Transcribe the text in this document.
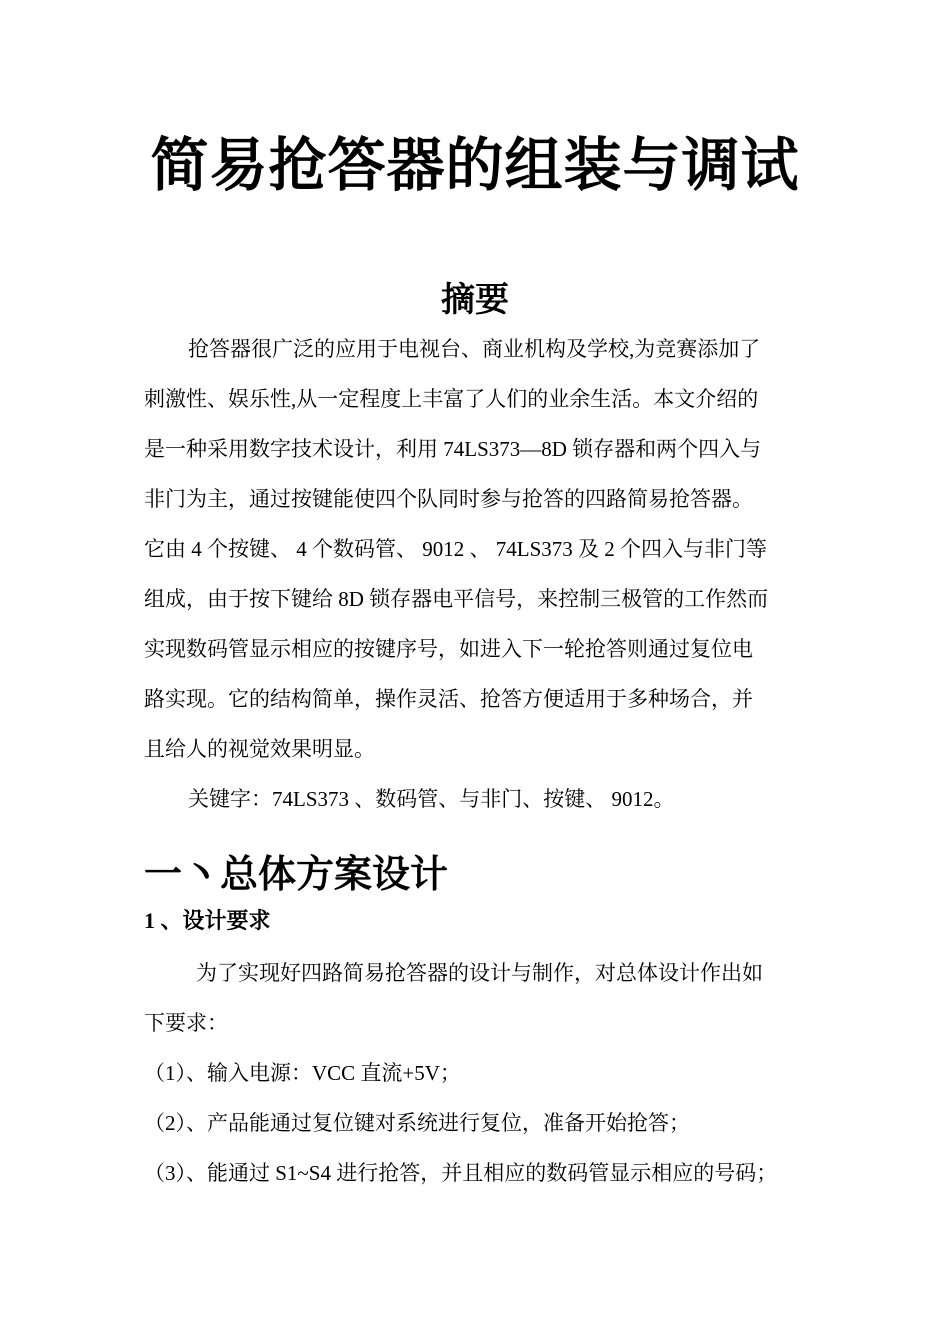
简易抢答器的组装与调试
摘要
抢答器很广泛的应用于电视台、商业机构及学校,为竞赛添加了
刺激性、娱乐性,从一定程度上丰富了人们的业余生活。本文介绍的
是一种采用数字技术设计，利用 74LS373—8D 锁存器和两个四入与
非门为主，通过按键能使四个队同时参与抢答的四路简易抢答器。
它由 4 个按键、 4 个数码管、 9012 、 74LS373 及 2 个四入与非门等
组成，由于按下键给 8D 锁存器电平信号，来控制三极管的工作然而
实现数码管显示相应的按键序号，如进入下一轮抢答则通过复位电
路实现。它的结构简单，操作灵活、抢答方便适用于多种场合，并
且给人的视觉效果明显。
关键字：74LS373 、数码管、与非门、按键、 9012。
一丶总体方案设计
1 、设计要求
为了实现好四路简易抢答器的设计与制作，对总体设计作出如
下要求：
（1）、输入电源：VCC 直流+5V；
（2）、产品能通过复位键对系统进行复位，准备开始抢答；
（3）、能通过 S1~S4 进行抢答，并且相应的数码管显示相应的号码；
